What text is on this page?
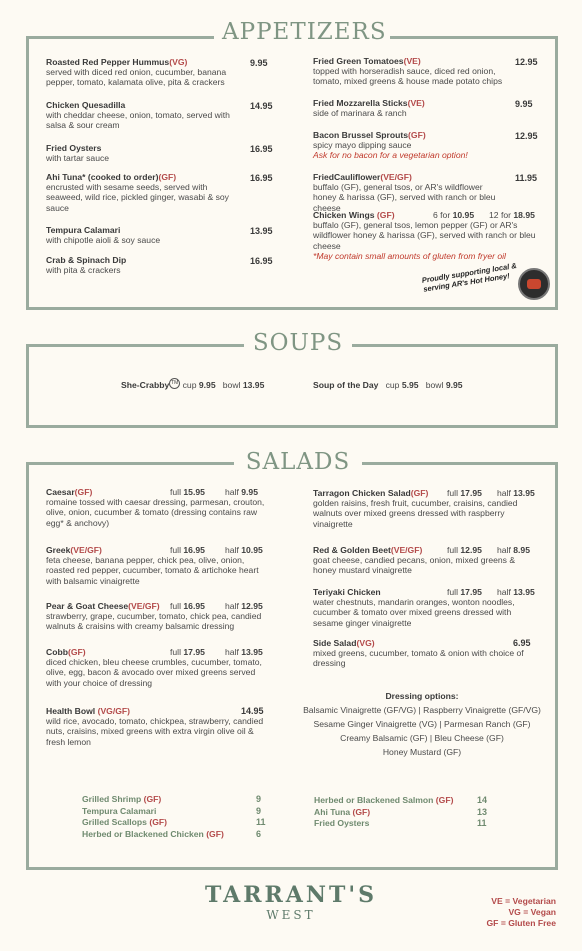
APPETIZERS
Roasted Red Pepper Hummus(VG)	9.95
served with diced red onion, cucumber, banana pepper, tomato, kalamata olive, pita & crackers
Chicken Quesadilla	14.95
with cheddar cheese, onion, tomato, served with salsa & sour cream
Fried Oysters	16.95
with tartar sauce
Ahi Tuna* (cooked to order)(GF)	16.95
encrusted with sesame seeds, served with seaweed, wild rice, pickled ginger, wasabi & soy sauce
Tempura Calamari	13.95
with chipotle aioli & soy sauce
Crab & Spinach Dip	16.95
with pita & crackers
Fried Green Tomatoes(VE)	12.95
topped with horseradish sauce, diced red onion, tomato, mixed greens & house made potato chips
Fried Mozzarella Sticks(VE)	9.95
side of marinara & ranch
Bacon Brussel Sprouts(GF)	12.95
spicy mayo dipping sauce
Ask for no bacon for a vegetarian option!
FriedCauliflower(VE/GF)	11.95
buffalo (GF), general tsos, or AR's wildflower honey & harissa (GF), served with ranch or bleu cheese
Chicken Wings (GF)	6 for 10.95 12 for 18.95
buffalo (GF), general tsos, lemon pepper (GF) or AR's wildflower honey & harissa (GF), served with ranch or bleu cheese
*May contain small amounts of gluten from fryer oil
Proudly supporting local & serving AR's Hot Honey!
SOUPS
She-Crabby ™ cup 9.95 bowl 13.95	Soup of the Day cup 5.95 bowl 9.95
SALADS
Caesar(GF)	full 15.95 half 9.95
romaine tossed with caesar dressing, parmesan, crouton, olive, onion, cucumber & tomato (dressing contains raw egg* & anchovy)
Greek(VE/GF)	full 16.95 half 10.95
feta cheese, banana pepper, chick pea, olive, onion, roasted red pepper, cucumber, tomato & artichoke heart with balsamic vinaigrette
Pear & Goat Cheese(VE/GF) full 16.95 half 12.95
strawberry, grape, cucumber, tomato, chick pea, candied walnuts & craisins with creamy balsamic dressing
Cobb(GF)	full 17.95 half 13.95
diced chicken, bleu cheese crumbles, cucumber, tomato, olive, egg, bacon & avocado over mixed greens served with your choice of dressing
Tarragon Chicken Salad(GF) full 17.95 half 13.95
golden raisins, fresh fruit, cucumber, craisins, candied walnuts over mixed greens dressed with raspberry vinaigrette
Red & Golden Beet(VE/GF)	full 12.95 half 8.95
goat cheese, candied pecans, onion, mixed greens & honey mustard vinaigrette
Teriyaki Chicken	full 17.95 half 13.95
water chestnuts, mandarin oranges, wonton noodles, cucumber & tomato over mixed greens dressed with sesame ginger vinaigrette
Health Bowl (VG/GF)	14.95
wild rice, avocado, tomato, chickpea, strawberry, candied nuts, craisins, mixed greens with extra virgin olive oil & fresh lemon
Side Salad(VG)	6.95
mixed greens, cucumber, tomato & onion with choice of dressing
Dressing options:
Balsamic Vinaigrette (GF/VG) | Raspberry Vinaigrette (GF/VG)
Sesame Ginger Vinaigrette (VG) | Parmesan Ranch (GF)
Creamy Balsamic (GF) | Bleu Cheese (GF)
Honey Mustard (GF)
Grilled Shrimp (GF)	9
Tempura Calamari	9
Grilled Scallops (GF)	11
Herbed or Blackened Chicken (GF)	6
Herbed or Blackened Salmon (GF)	14
Ahi Tuna (GF)	13
Fried Oysters	11
TARRANT'S
WEST
VE = Vegetarian
VG = Vegan
GF = Gluten Free
